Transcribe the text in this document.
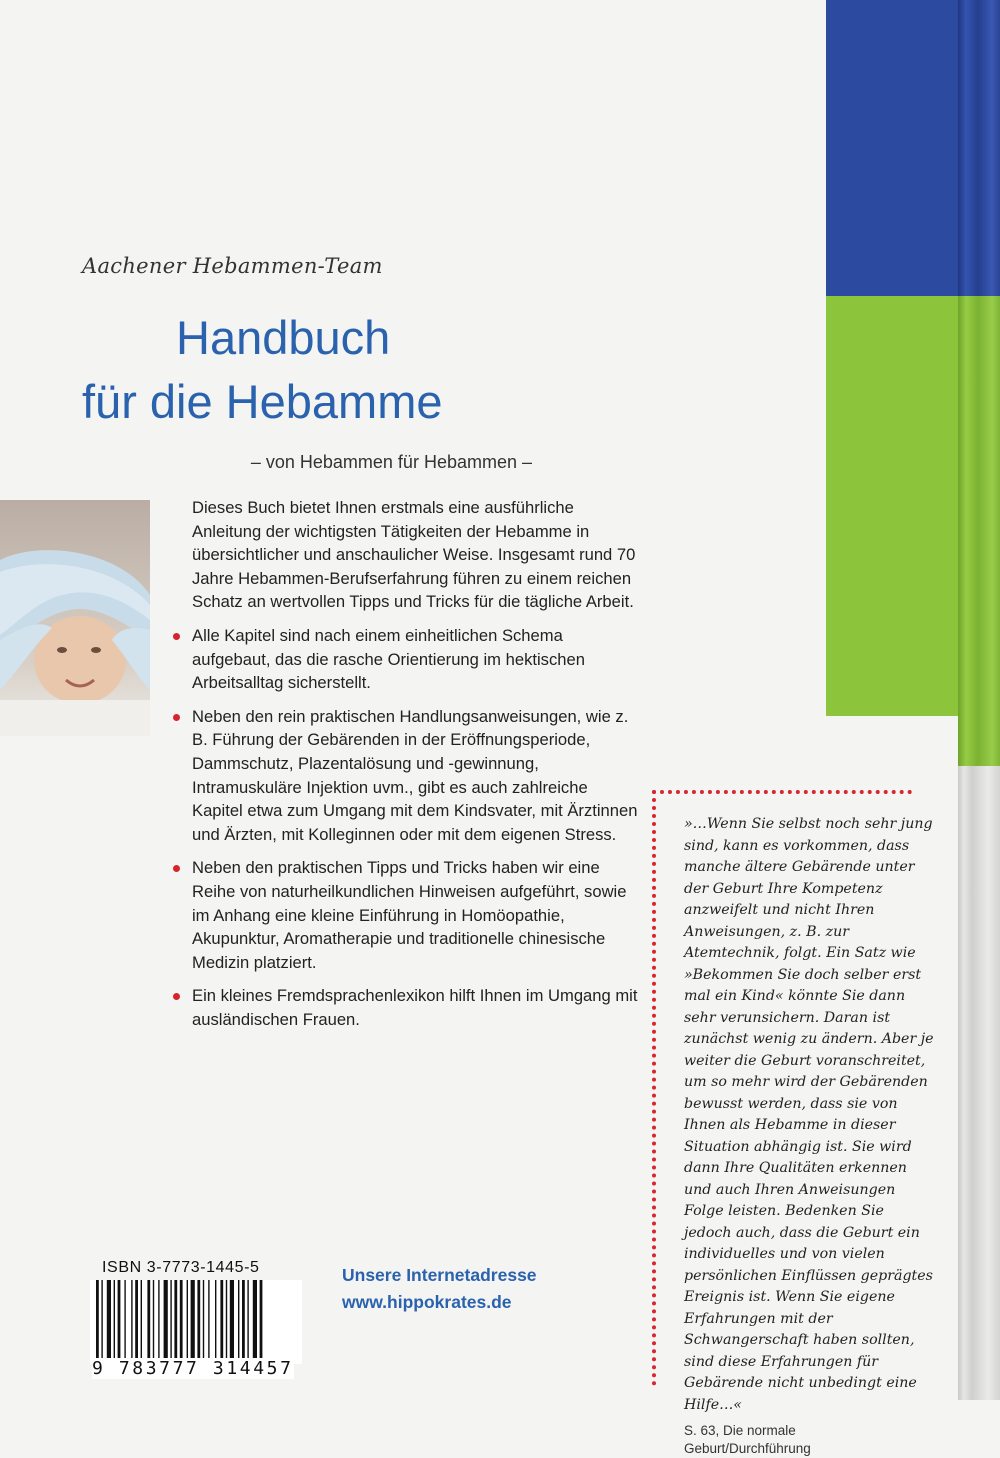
Aachener Hebammen-Team
Handbuch
für die Hebamme
– von Hebammen für Hebammen –

Dieses Buch bietet Ihnen erstmals eine ausführliche Anleitung der wichtigsten Tätigkeiten der Hebamme in übersichtlicher und anschaulicher Weise. Insgesamt rund 70 Jahre Hebammen-Berufserfahrung führen zu einem reichen Schatz an wertvollen Tipps und Tricks für die tägliche Arbeit.

Alle Kapitel sind nach einem einheitlichen Schema aufgebaut, das die rasche Orientierung im hektischen Arbeitsalltag sicherstellt.
Neben den rein praktischen Handlungsanweisungen, wie z. B. Führung der Gebärenden in der Eröffnungsperiode, Dammschutz, Plazentalösung und -gewinnung, Intramuskuläre Injektion uvm., gibt es auch zahlreiche Kapitel etwa zum Umgang mit dem Kindsvater, mit Ärztinnen und Ärzten, mit Kolleginnen oder mit dem eigenen Stress.
Neben den praktischen Tipps und Tricks haben wir eine Reihe von naturheilkundlichen Hinweisen aufgeführt, sowie im Anhang eine kleine Einführung in Homöopathie, Akupunktur, Aromatherapie und traditionelle chinesische Medizin platziert.
Ein kleines Fremdsprachenlexikon hilft Ihnen im Umgang mit ausländischen Frauen.
»…Wenn Sie selbst noch sehr jung sind, kann es vorkommen, dass manche ältere Gebärende unter der Geburt Ihre Kompetenz anzweifelt und nicht Ihren Anweisungen, z. B. zur Atemtechnik, folgt. Ein Satz wie »Bekommen Sie doch selber erst mal ein Kind« könnte Sie dann sehr verunsichern. Daran ist zunächst wenig zu ändern. Aber je weiter die Geburt voranschreitet, um so mehr wird der Gebärenden bewusst werden, dass sie von Ihnen als Hebamme in dieser Situation abhängig ist. Sie wird dann Ihre Qualitäten erkennen und auch Ihren Anweisungen Folge leisten. Bedenken Sie jedoch auch, dass die Geburt ein individuelles und von vielen persönlichen Einflüssen geprägtes Ereignis ist. Wenn Sie eigene Erfahrungen mit der Schwangerschaft haben sollten, sind diese Erfahrungen für Gebärende nicht unbedingt eine Hilfe…«
S. 63, Die normale Geburt/Durchführung
ISBN 3-7773-1445-5
9 783777 314457
Unsere Internetadresse
www.hippokrates.de
